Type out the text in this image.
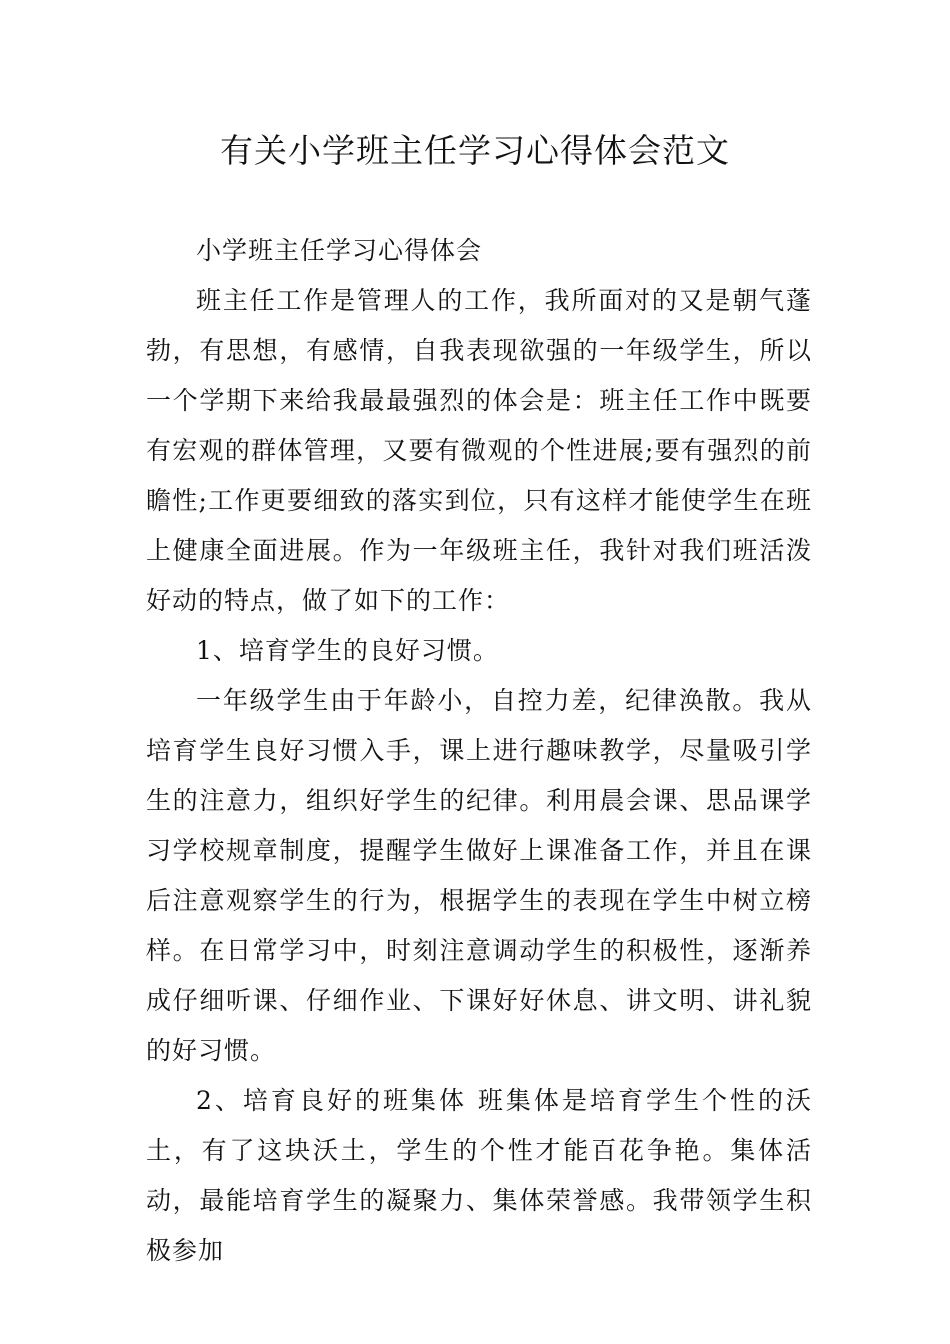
有关小学班主任学习心得体会范文

小学班主任学习心得体会

班主任工作是管理人的工作，我所面对的又是朝气蓬勃，有思想，有感情，自我表现欲强的一年级学生，所以一个学期下来给我最最强烈的体会是：班主任工作中既要有宏观的群体管理，又要有微观的个性进展;要有强烈的前瞻性;工作更要细致的落实到位，只有这样才能使学生在班上健康全面进展。作为一年级班主任，我针对我们班活泼好动的特点，做了如下的工作：

1、培育学生的良好习惯。

一年级学生由于年龄小，自控力差，纪律涣散。我从培育学生良好习惯入手，课上进行趣味教学，尽量吸引学生的注意力，组织好学生的纪律。利用晨会课、思品课学习学校规章制度，提醒学生做好上课准备工作，并且在课后注意观察学生的行为，根据学生的表现在学生中树立榜样。在日常学习中，时刻注意调动学生的积极性，逐渐养成仔细听课、仔细作业、下课好好休息、讲文明、讲礼貌的好习惯。

2、培育良好的班集体 班集体是培育学生个性的沃土，有了这块沃土，学生的个性才能百花争艳。集体活动，最能培育学生的凝聚力、集体荣誉感。我带领学生积极参加
